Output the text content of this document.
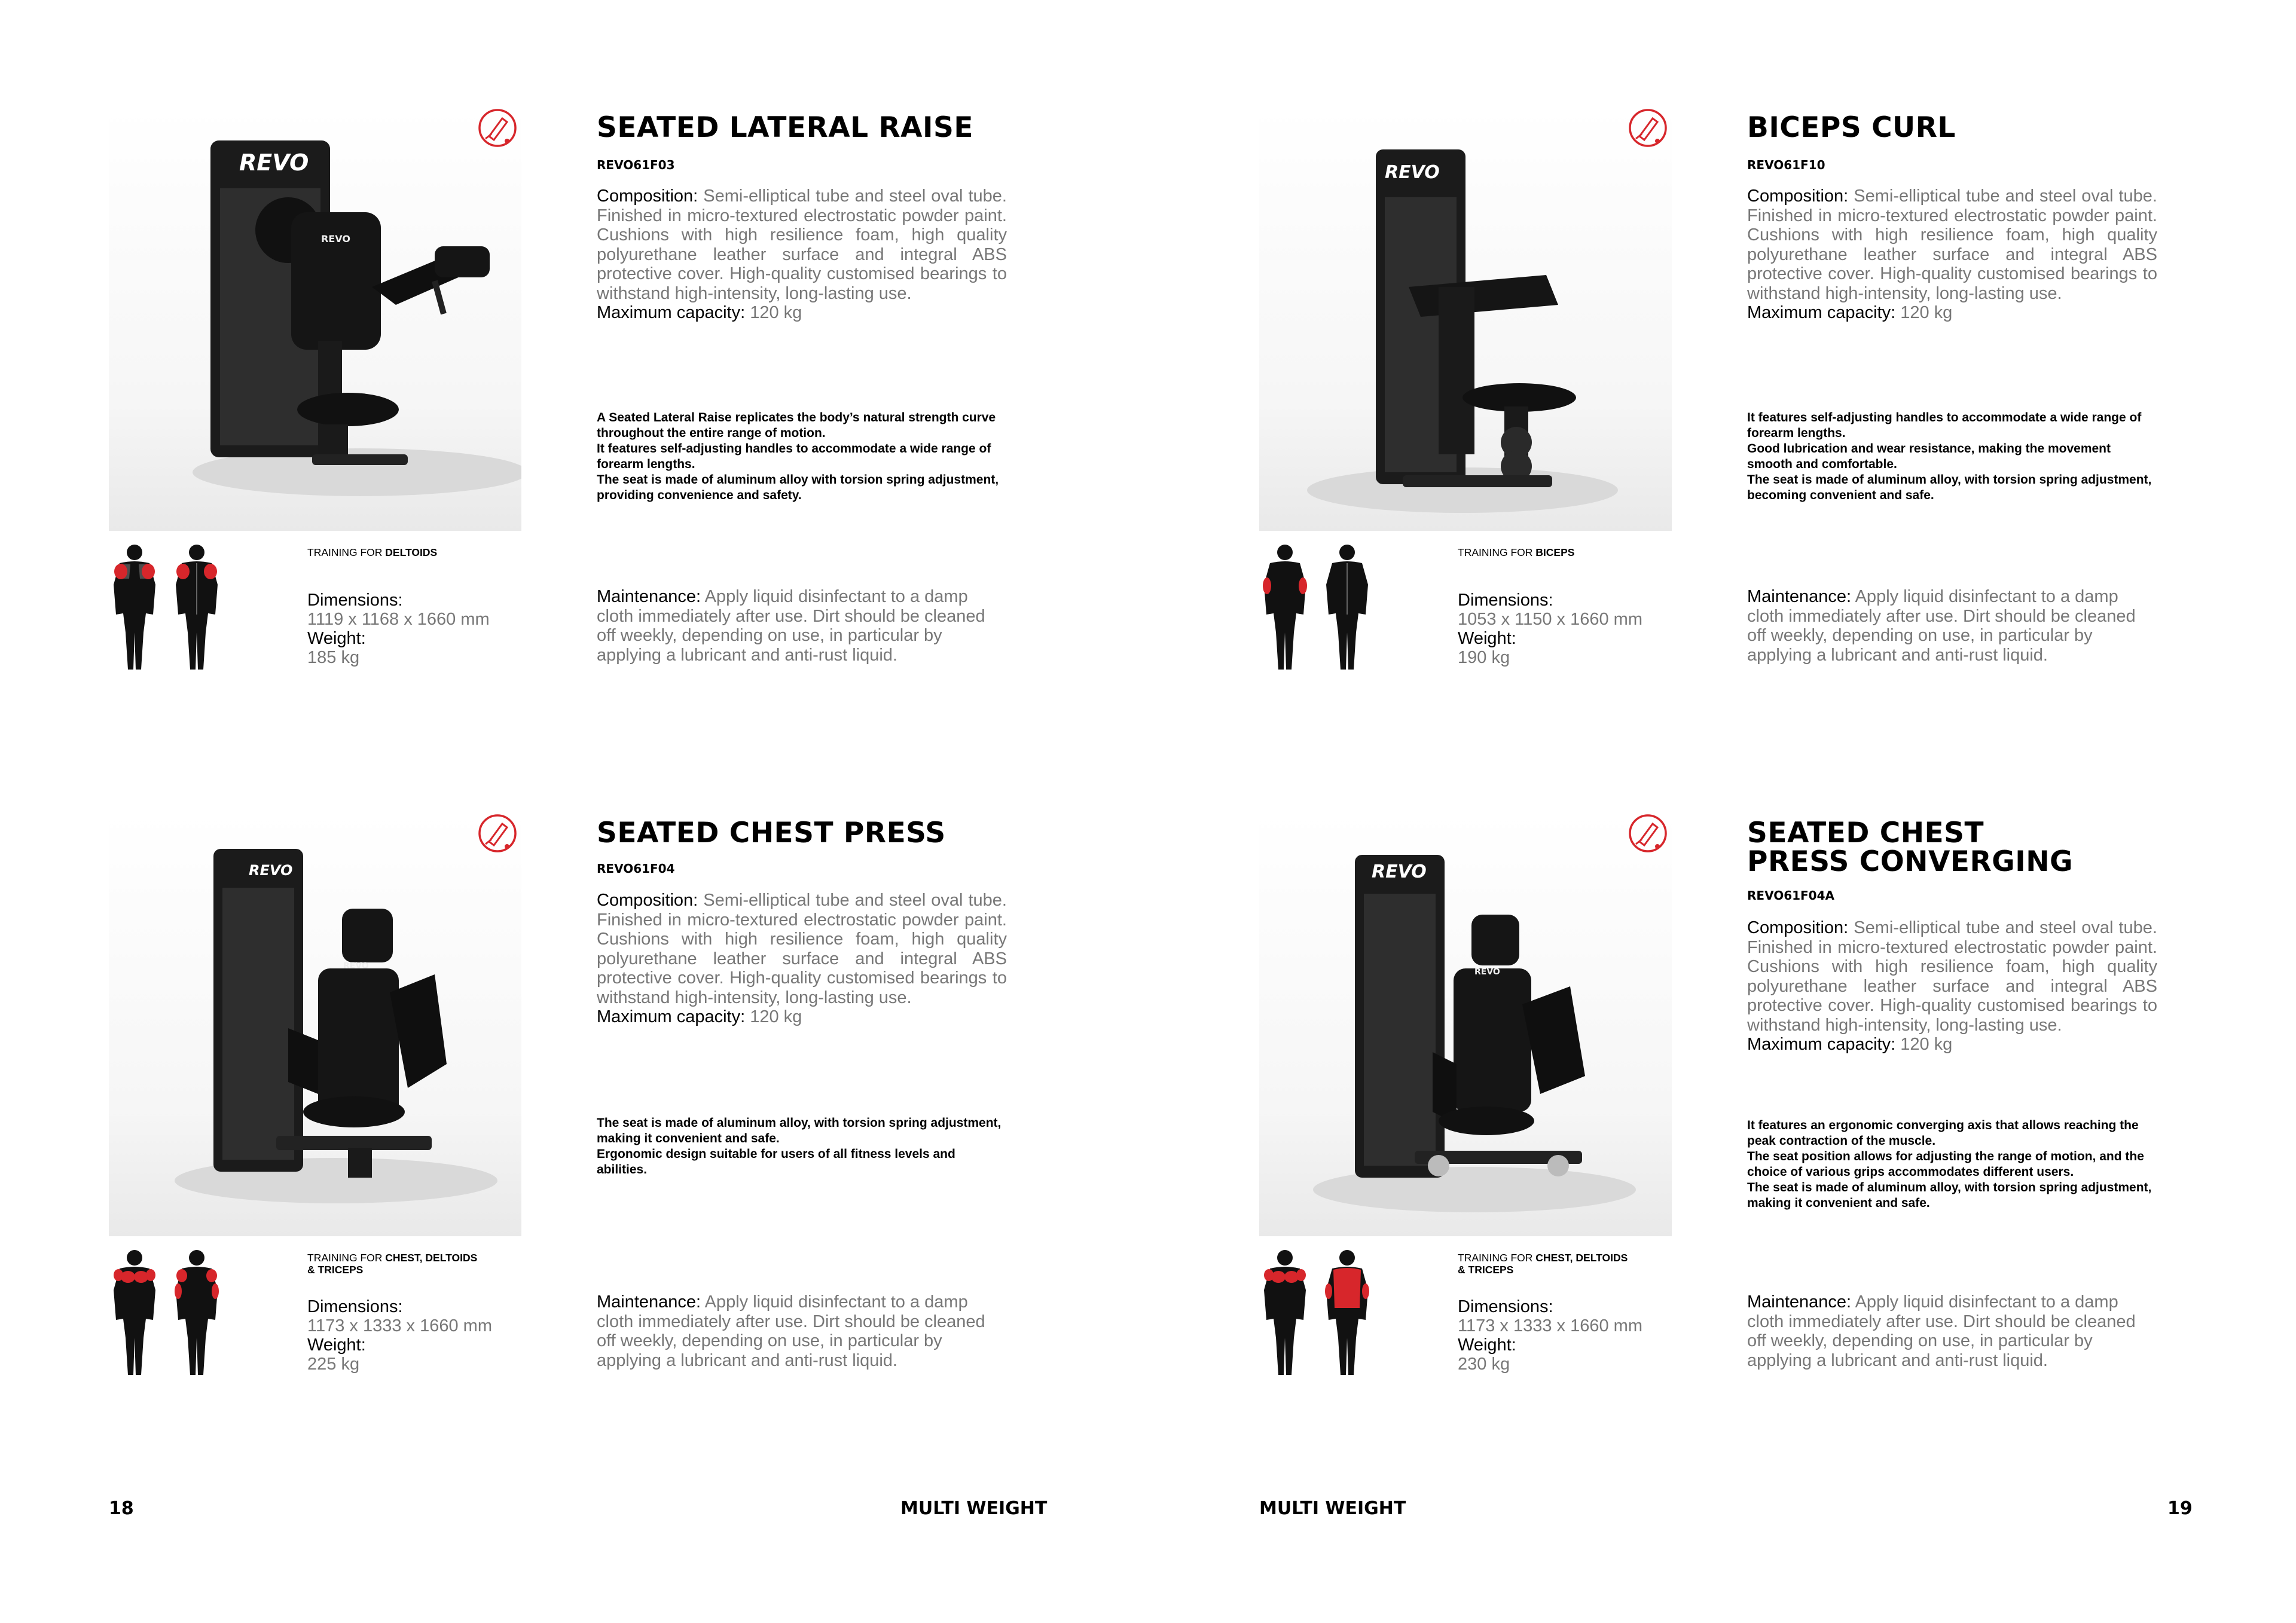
REVO
REVO
SEATED LATERAL RAISE
REVO61F03
Composition: Semi-elliptical tube and steel oval tube. Finished in micro-textured electrostatic powder paint. Cushions with high resilience foam, high quality polyurethane leather surface and integral ABS protective cover. High-quality customised bearings to withstand high-intensity, long-lasting use.
Maximum capacity: 120 kg

A Seated Lateral Raise replicates the body’s natural strength curve throughout the entire range of motion.

It features self-adjusting handles to accommodate a wide range of forearm lengths.

The seat is made of aluminum alloy with torsion spring adjustment, providing convenience and safety.

TRAINING FOR DELTOIDS
Dimensions:
1119 x 1168 x 1660 mm
Weight:
185 kg
Maintenance: Apply liquid disinfectant to a damp cloth immediately after use. Dirt should be cleaned off weekly, depending on use, in particular by applying a lubricant and anti-rust liquid.
REVO
BICEPS CURL
REVO61F10
Composition: Semi-elliptical tube and steel oval tube. Finished in micro-textured electrostatic powder paint. Cushions with high resilience foam, high quality polyurethane leather surface and integral ABS protective cover. High-quality customised bearings to withstand high-intensity, long-lasting use.
Maximum capacity: 120 kg

It features self-adjusting handles to accommodate a wide range of forearm lengths.

Good lubrication and wear resistance, making the movement smooth and comfortable.

The seat is made of aluminum alloy, with torsion spring adjustment, becoming convenient and safe.

TRAINING FOR BICEPS
Dimensions:
1053 x 1150 x 1660 mm
Weight:
190 kg
Maintenance: Apply liquid disinfectant to a damp cloth immediately after use. Dirt should be cleaned off weekly, depending on use, in particular by applying a lubricant and anti-rust liquid.
REVO
REVO
SEATED CHEST PRESS
REVO61F04
Composition: Semi-elliptical tube and steel oval tube. Finished in micro-textured electrostatic powder paint. Cushions with high resilience foam, high quality polyurethane leather surface and integral ABS protective cover. High-quality customised bearings to withstand high-intensity, long-lasting use.
Maximum capacity: 120 kg

The seat is made of aluminum alloy, with torsion spring adjustment, making it convenient and safe.

Ergonomic design suitable for users of all fitness levels and abilities.

TRAINING FOR CHEST, DELTOIDS & TRICEPS
Dimensions:
1173 x 1333 x 1660 mm
Weight:
225 kg
Maintenance: Apply liquid disinfectant to a damp cloth immediately after use. Dirt should be cleaned off weekly, depending on use, in particular by applying a lubricant and anti-rust liquid.
REVO
REVO
SEATED CHEST
PRESS CONVERGING
REVO61F04A
Composition: Semi-elliptical tube and steel oval tube. Finished in micro-textured electrostatic powder paint. Cushions with high resilience foam, high quality polyurethane leather surface and integral ABS protective cover. High-quality customised bearings to withstand high-intensity, long-lasting use.
Maximum capacity: 120 kg

It features an ergonomic converging axis that allows reaching the peak contraction of the muscle.

The seat position allows for adjusting the range of motion, and the choice of various grips accommodates different users.

The seat is made of aluminum alloy, with torsion spring adjustment, making it convenient and safe.

TRAINING FOR CHEST, DELTOIDS & TRICEPS
Dimensions:
1173 x 1333 x 1660 mm
Weight:
230 kg
Maintenance: Apply liquid disinfectant to a damp cloth immediately after use. Dirt should be cleaned off weekly, depending on use, in particular by applying a lubricant and anti-rust liquid.
18	MULTI WEIGHT	MULTI WEIGHT	19
